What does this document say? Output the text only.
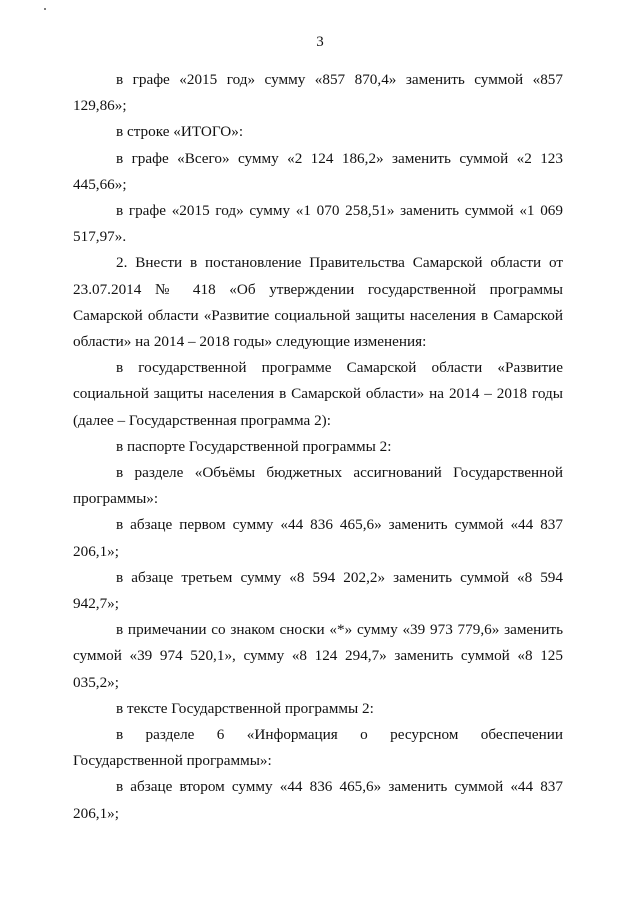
3

в графе «2015 год» сумму «857 870,4» заменить суммой «857 129,86»;

в строке «ИТОГО»:

в графе «Всего» сумму «2 124 186,2» заменить суммой «2 123 445,66»;

в графе «2015 год» сумму «1 070 258,51» заменить суммой «1 069 517,97».

2. Внести в постановление Правительства Самарской области от 23.07.2014 № 418 «Об утверждении государственной программы Самарской области «Развитие социальной защиты населения в Самарской области» на 2014 – 2018 годы» следующие изменения:

в государственной программе Самарской области «Развитие социальной защиты населения в Самарской области» на 2014 – 2018 годы (далее – Государственная программа 2):

в паспорте Государственной программы 2:

в разделе «Объёмы бюджетных ассигнований Государственной программы»:

в абзаце первом сумму «44 836 465,6» заменить суммой «44 837 206,1»;

в абзаце третьем сумму «8 594 202,2» заменить суммой «8 594 942,7»;

в примечании со знаком сноски «*» сумму «39 973 779,6» заменить суммой «39 974 520,1», сумму «8 124 294,7» заменить суммой «8 125 035,2»;

в тексте Государственной программы 2:

в разделе 6 «Информация о ресурсном обеспечении Государственной программы»:

в абзаце втором сумму «44 836 465,6» заменить суммой «44 837 206,1»;
